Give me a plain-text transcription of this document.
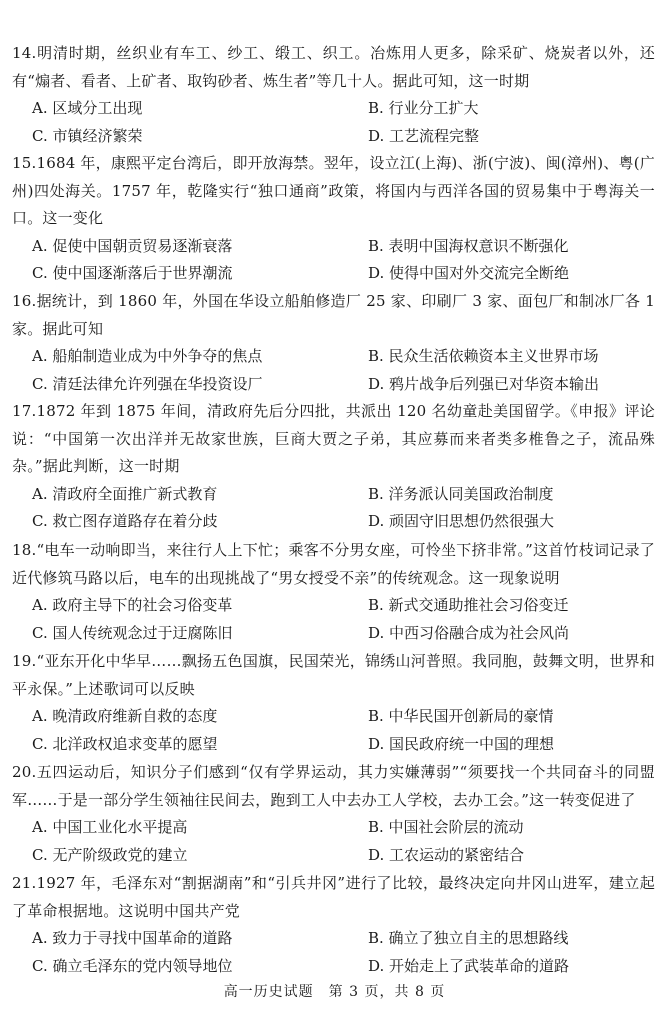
14.明清时期，丝织业有车工、纱工、缎工、织工。冶炼用人更多，除采矿、烧炭者以外，还有“煽者、看者、上矿者、取钩砂者、炼生者”等几十人。据此可知，这一时期

A. 区域分工出现	B. 行业分工扩大
C. 市镇经济繁荣	D. 工艺流程完整

15.1684 年，康熙平定台湾后，即开放海禁。翌年，设立江(上海)、浙(宁波)、闽(漳州)、粤(广州)四处海关。1757 年，乾隆实行“独口通商”政策，将国内与西洋各国的贸易集中于粤海关一口。这一变化

A. 促使中国朝贡贸易逐渐衰落	B. 表明中国海权意识不断强化
C. 使中国逐渐落后于世界潮流	D. 使得中国对外交流完全断绝

16.据统计，到 1860 年，外国在华设立船舶修造厂 25 家、印刷厂 3 家、面包厂和制冰厂各 1 家。据此可知

A. 船舶制造业成为中外争夺的焦点	B. 民众生活依赖资本主义世界市场
C. 清廷法律允许列强在华投资设厂	D. 鸦片战争后列强已对华资本输出

17.1872 年到 1875 年间，清政府先后分四批，共派出 120 名幼童赴美国留学。《申报》评论说：“中国第一次出洋并无故家世族，巨商大贾之子弟，其应募而来者类多椎鲁之子，流品殊杂。”据此判断，这一时期

A. 清政府全面推广新式教育	B. 洋务派认同美国政治制度
C. 救亡图存道路存在着分歧	D. 顽固守旧思想仍然很强大

18.“电车一动响即当，来往行人上下忙；乘客不分男女座，可怜坐下挤非常。”这首竹枝词记录了近代修筑马路以后，电车的出现挑战了“男女授受不亲”的传统观念。这一现象说明

A. 政府主导下的社会习俗变革	B. 新式交通助推社会习俗变迁
C. 国人传统观念过于迂腐陈旧	D. 中西习俗融合成为社会风尚

19.“亚东开化中华早……飘扬五色国旗，民国荣光，锦绣山河普照。我同胞，鼓舞文明，世界和平永保。”上述歌词可以反映

A. 晚清政府维新自救的态度	B. 中华民国开创新局的豪情
C. 北洋政权追求变革的愿望	D. 国民政府统一中国的理想

20.五四运动后，知识分子们感到“仅有学界运动，其力实嫌薄弱”“须要找一个共同奋斗的同盟军……于是一部分学生领袖往民间去，跑到工人中去办工人学校，去办工会。”这一转变促进了

A. 中国工业化水平提高	B. 中国社会阶层的流动
C. 无产阶级政党的建立	D. 工农运动的紧密结合

21.1927 年，毛泽东对“割据湖南”和“引兵井冈”进行了比较，最终决定向井冈山进军，建立起了革命根据地。这说明中国共产党

A. 致力于寻找中国革命的道路	B. 确立了独立自主的思想路线
C. 确立毛泽东的党内领导地位	D. 开始走上了武装革命的道路
高一历史试题　第 3 页，共 8 页
